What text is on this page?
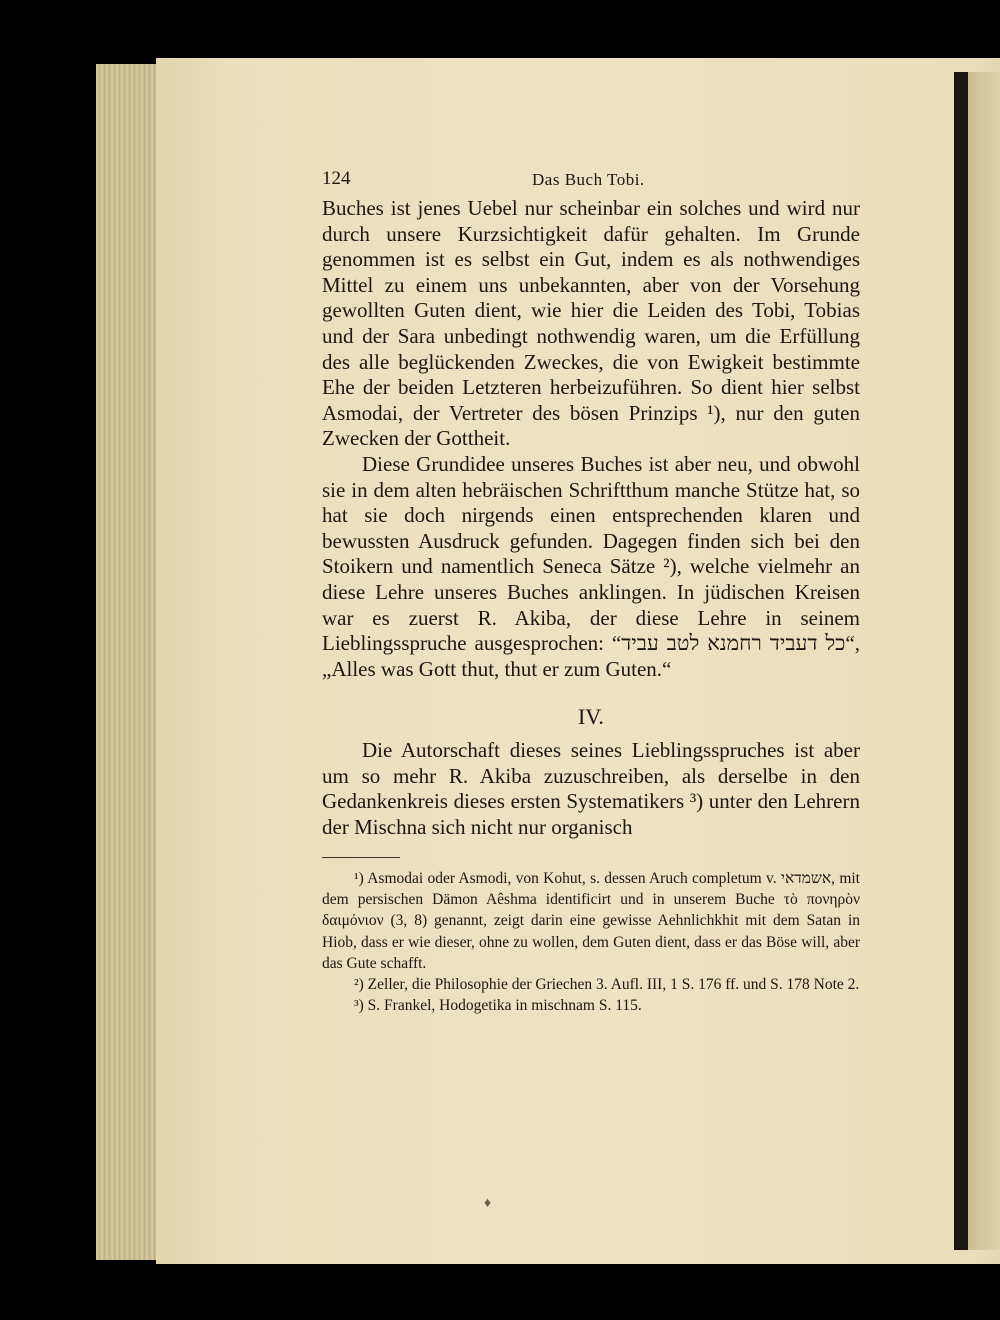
124	Das Buch Tobi.

Buches ist jenes Uebel nur scheinbar ein solches und wird nur durch unsere Kurzsichtigkeit dafür gehalten. Im Grunde genommen ist es selbst ein Gut, indem es als nothwendiges Mittel zu einem uns unbekannten, aber von der Vorsehung gewollten Guten dient, wie hier die Leiden des Tobi, Tobias und der Sara unbedingt nothwendig waren, um die Erfüllung des alle beglückenden Zweckes, die von Ewigkeit bestimmte Ehe der beiden Letzteren herbeizuführen. So dient hier selbst Asmodai, der Vertreter des bösen Prinzips ¹), nur den guten Zwecken der Gottheit.

Diese Grundidee unseres Buches ist aber neu, und obwohl sie in dem alten hebräischen Schriftthum manche Stütze hat, so hat sie doch nirgends einen entsprechenden klaren und bewussten Ausdruck gefunden. Dagegen finden sich bei den Stoikern und namentlich Seneca Sätze ²), welche vielmehr an diese Lehre unseres Buches anklingen. In jüdischen Kreisen war es zuerst R. Akiba, der diese Lehre in seinem Lieblingsspruche ausgesprochen: “כל דעביד רחמנא לטב עביד“, „Alles was Gott thut, thut er zum Guten.“

IV.

Die Autorschaft dieses seines Lieblingsspruches ist aber um so mehr R. Akiba zuzuschreiben, als derselbe in den Gedankenkreis dieses ersten Systematikers ³) unter den Lehrern der Mischna sich nicht nur organisch

¹) Asmodai oder Asmodi, von Kohut, s. dessen Aruch completum v. אשמדאי, mit dem persischen Dämon Aêshma identificirt und in unserem Buche τὸ πονηρὸν δαιμόνιον (3, 8) genannt, zeigt darin eine gewisse Aehnlichkhit mit dem Satan in Hiob, dass er wie dieser, ohne zu wollen, dem Guten dient, dass er das Böse will, aber das Gute schafft.

²) Zeller, die Philosophie der Griechen 3. Aufl. III, 1 S. 176 ff. und S. 178 Note 2.

³) S. Frankel, Hodogetika in mischnam S. 115.

♦
